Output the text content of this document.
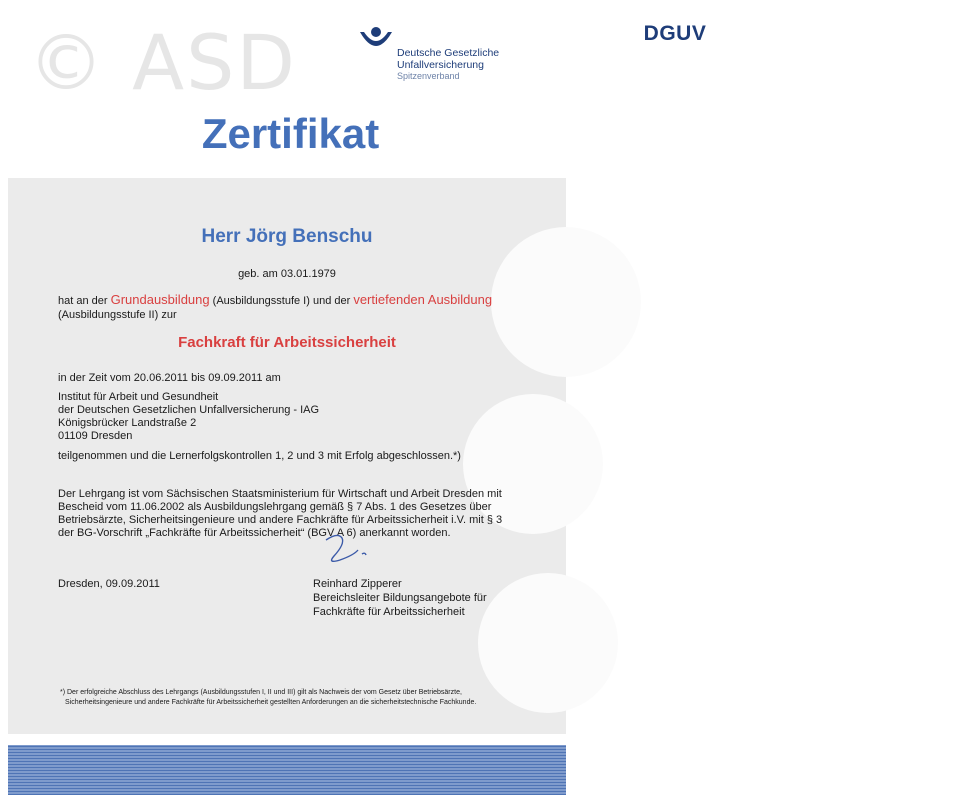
© ASD	DGUV
Deutsche Gesetzliche
Unfallversicherung
Spitzenverband
Zertifikat
Herr Jörg Benschu
geb. am 03.01.1979
hat an der Grundausbildung (Ausbildungsstufe I) und der vertiefenden Ausbildung
(Ausbildungsstufe II) zur
Fachkraft für Arbeitssicherheit
in der Zeit vom 20.06.2011 bis 09.09.2011 am
Institut für Arbeit und Gesundheit
der Deutschen Gesetzlichen Unfallversicherung - IAG
Königsbrücker Landstraße 2
01109 Dresden
teilgenommen und die Lernerfolgskontrollen 1, 2 und 3 mit Erfolg abgeschlossen.*)
Der Lehrgang ist vom Sächsischen Staatsministerium für Wirtschaft und Arbeit Dresden mit
Bescheid vom 11.06.2002 als Ausbildungslehrgang gemäß § 7 Abs. 1 des Gesetzes über
Betriebsärzte, Sicherheitsingenieure und andere Fachkräfte für Arbeitssicherheit i.V. mit § 3
der BG-Vorschrift „Fachkräfte für Arbeitssicherheit“ (BGV A 6) anerkannt worden.
Dresden, 09.09.2011	Reinhard Zipperer
Bereichsleiter Bildungsangebote für
Fachkräfte für Arbeitssicherheit
*) Der erfolgreiche Abschluss des Lehrgangs (Ausbildungsstufen I, II und III) gilt als Nachweis der vom Gesetz über Betriebsärzte,
Sicherheitsingenieure und andere Fachkräfte für Arbeitssicherheit gestellten Anforderungen an die sicherheitstechnische Fachkunde.
